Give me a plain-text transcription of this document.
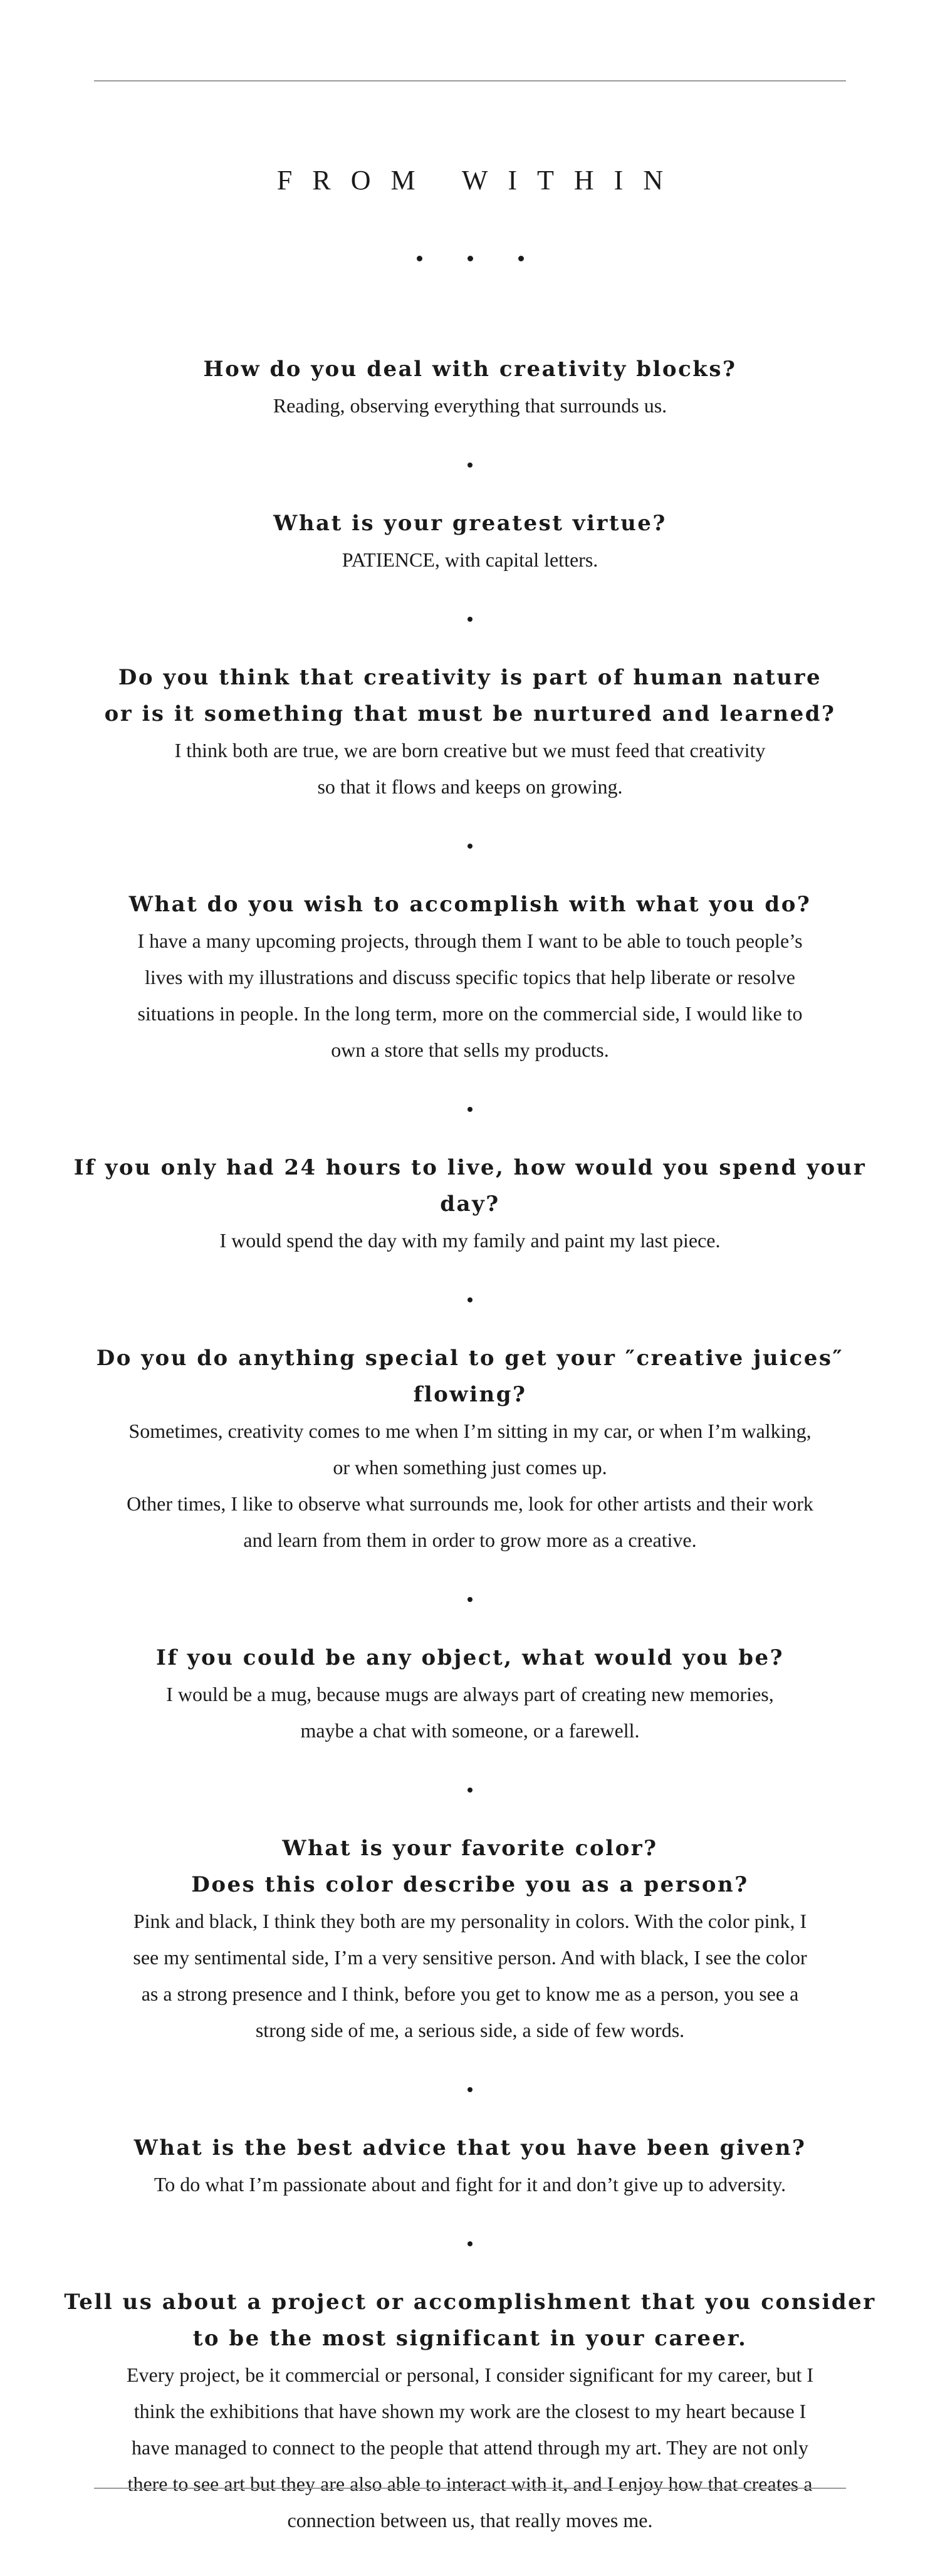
FROM WITHIN

How do you deal with creativity blocks?

Reading, observing everything that surrounds us.

What is your greatest virtue?

PATIENCE, with capital letters.

Do you think that creativity is part of human nature
or is it something that must be nurtured and learned?

I think both are true, we are born creative but we must feed that creativity
so that it flows and keeps on growing.

What do you wish to accomplish with what you do?

I have a many upcoming projects, through them I want to be able to touch people’s
lives with my illustrations and discuss specific topics that help liberate or resolve
situations in people. In the long term, more on the commercial side, I would like to
own a store that sells my products.

If you only had 24 hours to live, how would you spend your day?

I would spend the day with my family and paint my last piece.

Do you do anything special to get your ″creative juices″ flowing?

Sometimes, creativity comes to me when I’m sitting in my car, or when I’m walking,
or when something just comes up.
Other times, I like to observe what surrounds me, look for other artists and their work
and learn from them in order to grow more as a creative.

If you could be any object, what would you be?

I would be a mug, because mugs are always part of creating new memories,
maybe a chat with someone, or a farewell.

What is your favorite color?
Does this color describe you as a person?

Pink and black, I think they both are my personality in colors. With the color pink, I
see my sentimental side, I’m a very sensitive person. And with black, I see the color
as a strong presence and I think, before you get to know me as a person, you see a
strong side of me, a serious side, a side of few words.

What is the best advice that you have been given?

To do what I’m passionate about and fight for it and don’t give up to adversity.

Tell us about a project or accomplishment that you consider
to be the most significant in your career.

Every project, be it commercial or personal, I consider significant for my career, but I
think the exhibitions that have shown my work are the closest to my heart because I
have managed to connect to the people that attend through my art. They are not only
there to see art but they are also able to interact with it, and I enjoy how that creates a
connection between us, that really moves me.
